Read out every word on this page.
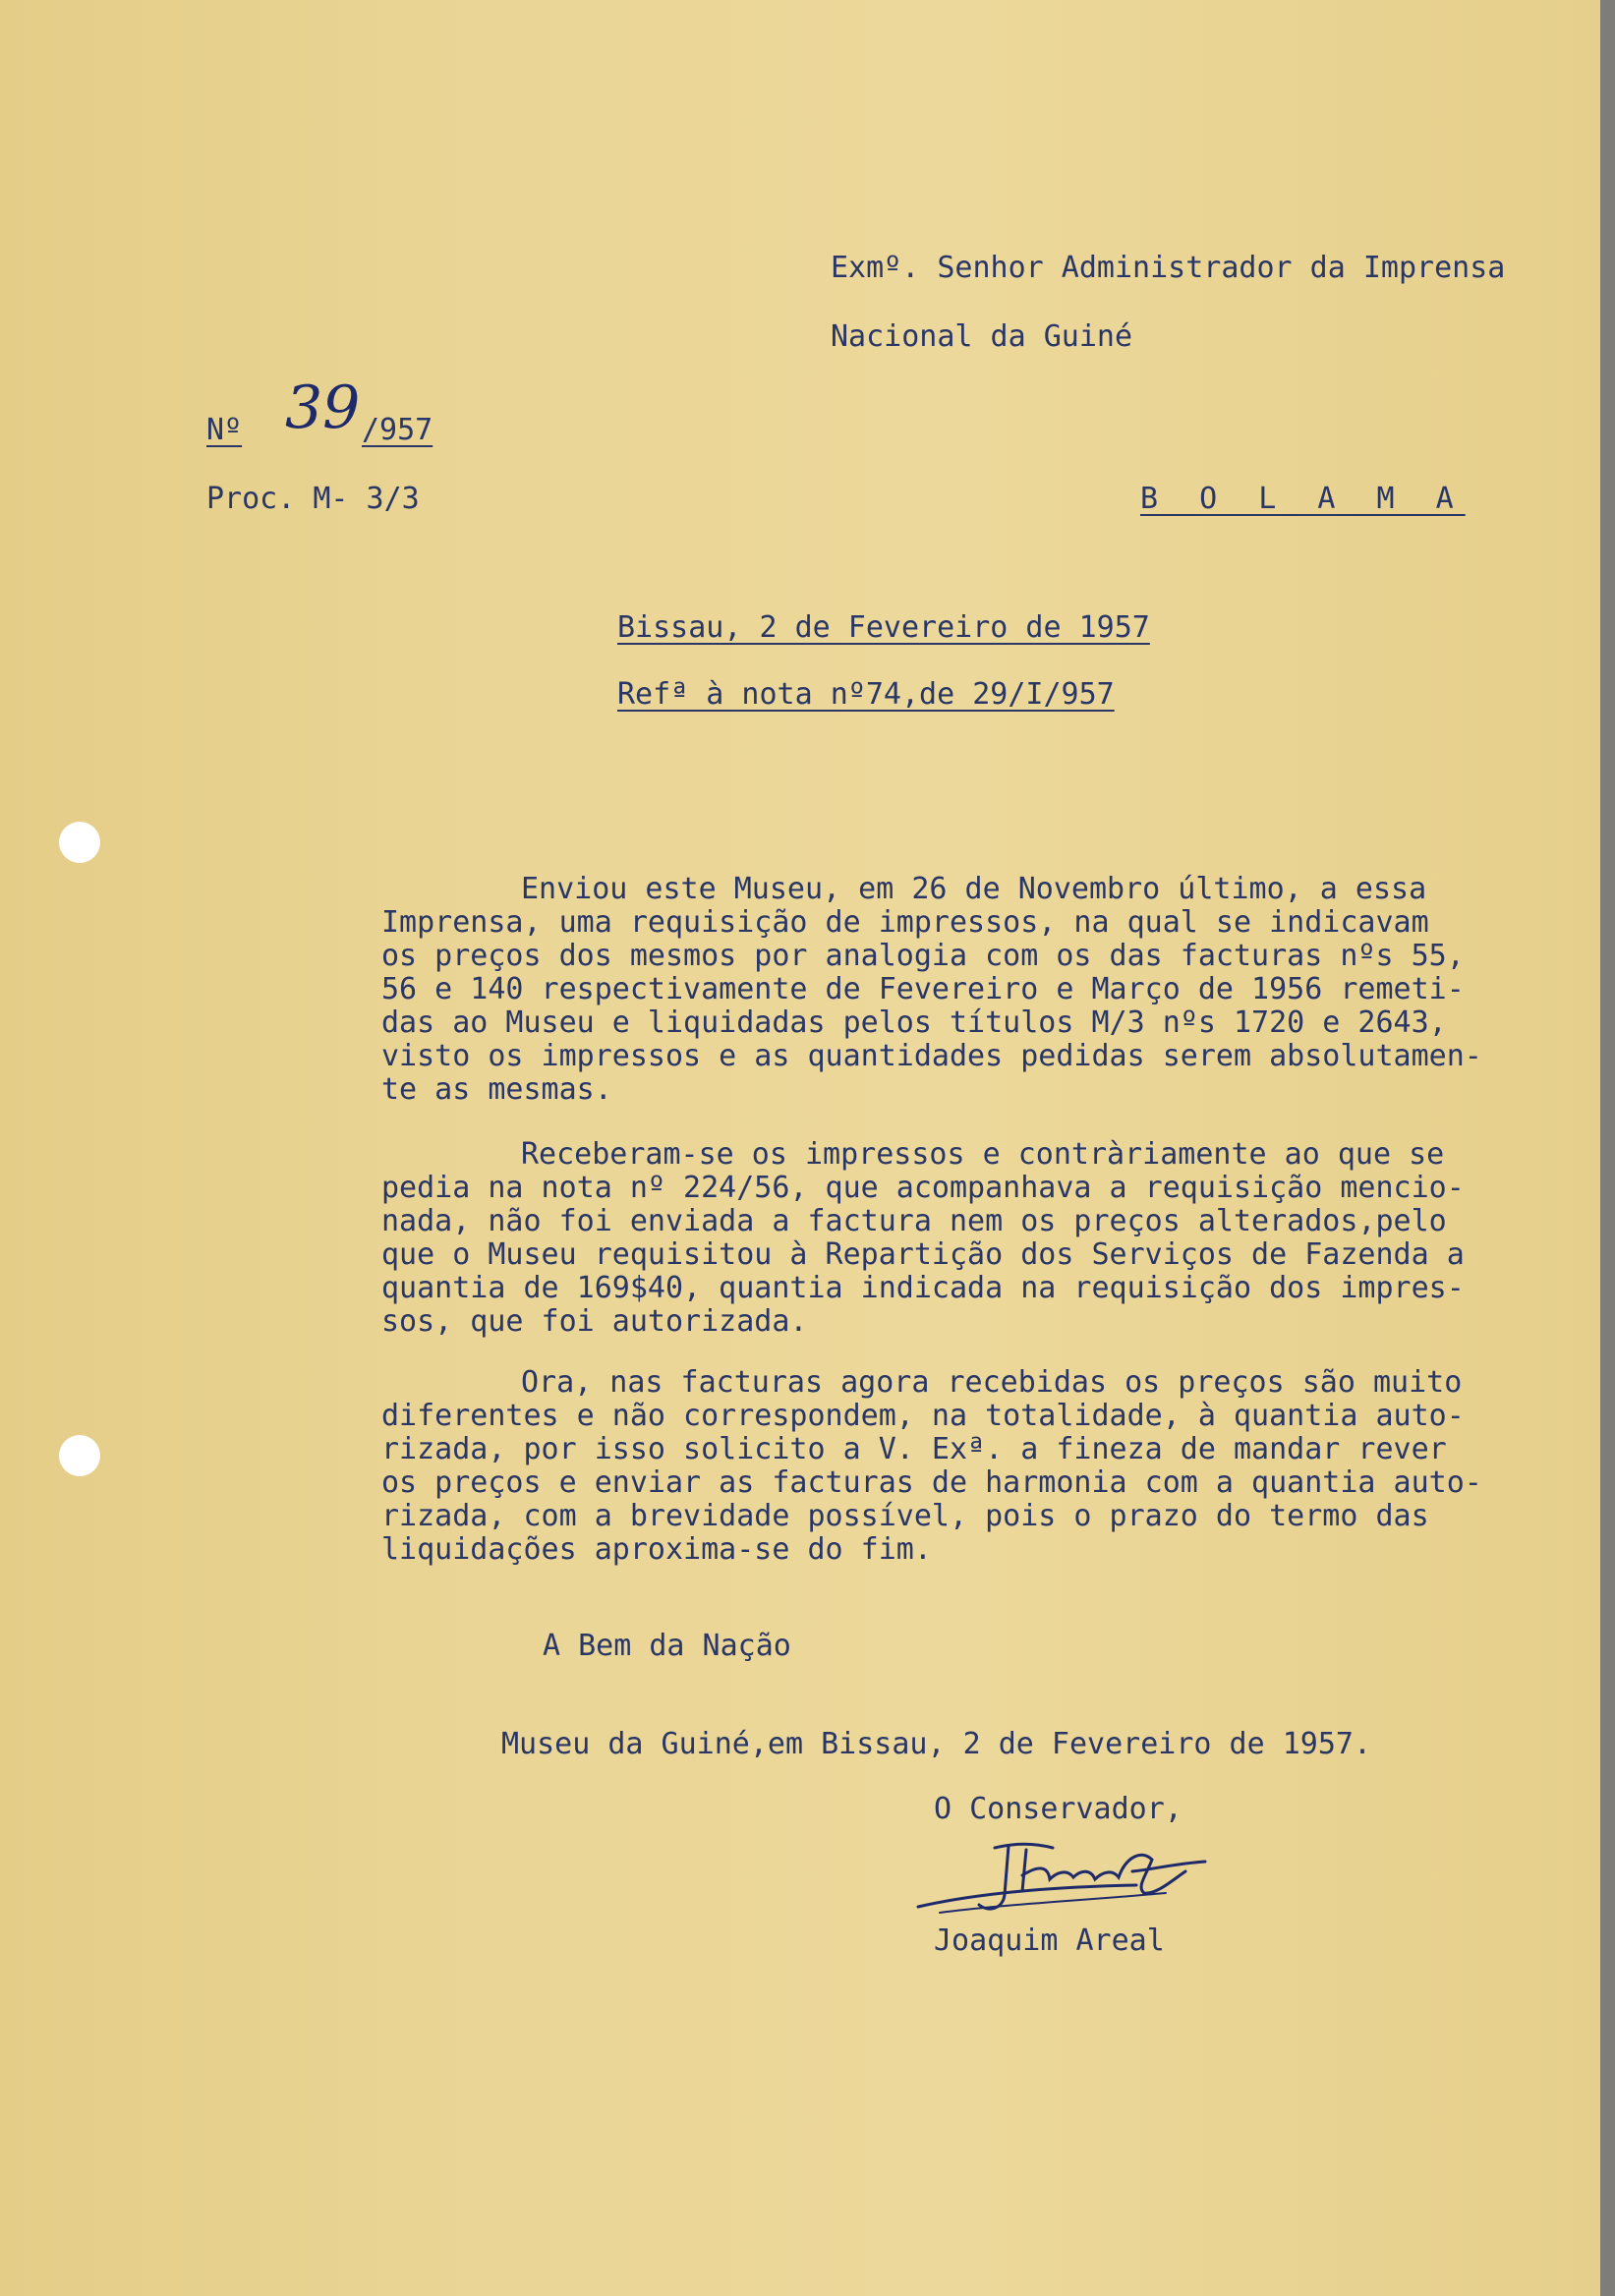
Exmº. Senhor Administrador da Imprensa

Nacional da Guiné

Nº 39 /957

Proc. M- 3/3	B O L A M A

Bissau, 2 de Fevereiro de 1957

Refª à nota nº74,de 29/I/957

Enviou este Museu, em 26 de Novembro último, a essa
Imprensa, uma requisição de impressos, na qual se indicavam
os preços dos mesmos por analogia com os das facturas nºs 55,
56 e 140 respectivamente de Fevereiro e Março de 1956 remeti-
das ao Museu e liquidadas pelos títulos M/3 nºs 1720 e 2643,
visto os impressos e as quantidades pedidas serem absolutamen-
te as mesmas.
Receberam-se os impressos e contràriamente ao que se
pedia na nota nº 224/56, que acompanhava a requisição mencio-
nada, não foi enviada a factura nem os preços alterados,pelo
que o Museu requisitou à Repartição dos Serviços de Fazenda a
quantia de 169$40, quantia indicada na requisição dos impres-
sos, que foi autorizada.
Ora, nas facturas agora recebidas os preços são muito
diferentes e não correspondem, na totalidade, à quantia auto-
rizada, por isso solicito a V. Exª. a fineza de mandar rever
os preços e enviar as facturas de harmonia com a quantia auto-
rizada, com a brevidade possível, pois o prazo do termo das
liquidações aproxima-se do fim.

A Bem da Nação

Museu da Guiné,em Bissau, 2 de Fevereiro de 1957.

O Conservador,

Joaquim Areal
